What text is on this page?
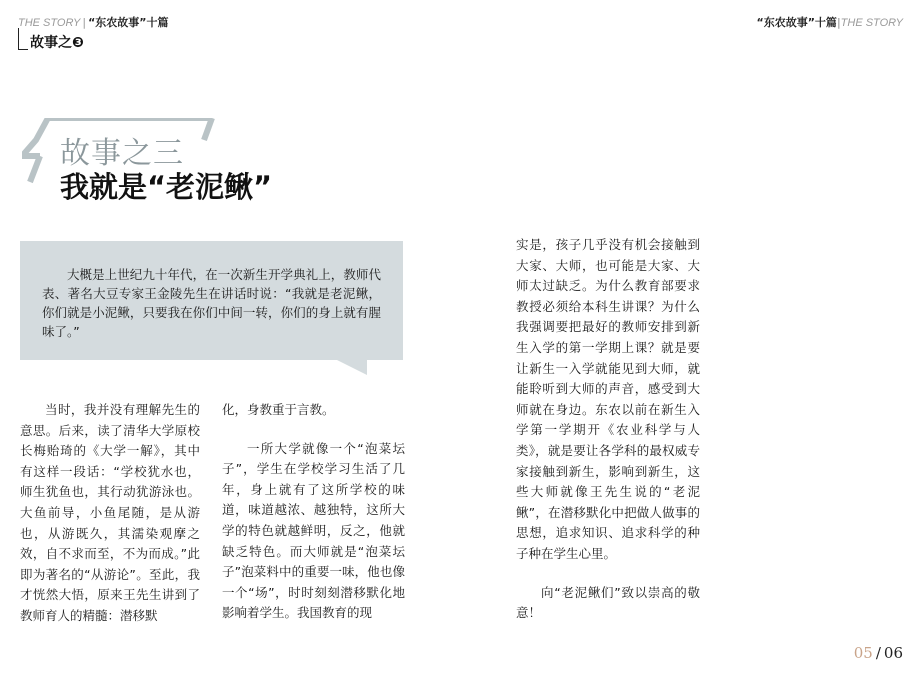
THE STORY | “东农故事”十篇
故事之❸
“东农故事”十篇|THE STORY
故事之三
我就是“老泥鳅”

大概是上世纪九十年代，在一次新生开学典礼上，教师代表、著名大豆专家王金陵先生在讲话时说：“我就是老泥鳅，你们就是小泥鳅，只要我在你们中间一转，你们的身上就有腥味了。”

当时，我并没有理解先生的意思。后来，读了清华大学原校长梅贻琦的《大学一解》，其中有这样一段话：“学校犹水也，师生犹鱼也，其行动犹游泳也。大鱼前导，小鱼尾随，是从游也，从游既久，其濡染观摩之效，自不求而至，不为而成。”此即为著名的“从游论”。至此，我才恍然大悟，原来王先生讲到了教师育人的精髓：潜移默

化，身教重于言教。

一所大学就像一个“泡菜坛子”，学生在学校学习生活了几年，身上就有了这所学校的味道，味道越浓、越独特，这所大学的特色就越鲜明，反之，他就缺乏特色。而大师就是“泡菜坛子”泡菜料中的重要一味，他也像一个“场”，时时刻刻潜移默化地影响着学生。我国教育的现

实是，孩子几乎没有机会接触到大家、大师，也可能是大家、大师太过缺乏。为什么教育部要求教授必须给本科生讲课？为什么我强调要把最好的教师安排到新生入学的第一学期上课？就是要让新生一入学就能见到大师，就能聆听到大师的声音，感受到大师就在身边。东农以前在新生入学第一学期开《农业科学与人类》，就是要让各学科的最权威专家接触到新生，影响到新生，这些大师就像王先生说的“老泥鳅”，在潜移默化中把做人做事的思想，追求知识、追求科学的种子种在学生心里。

向“老泥鳅们”致以崇高的敬意！

05 / 06
